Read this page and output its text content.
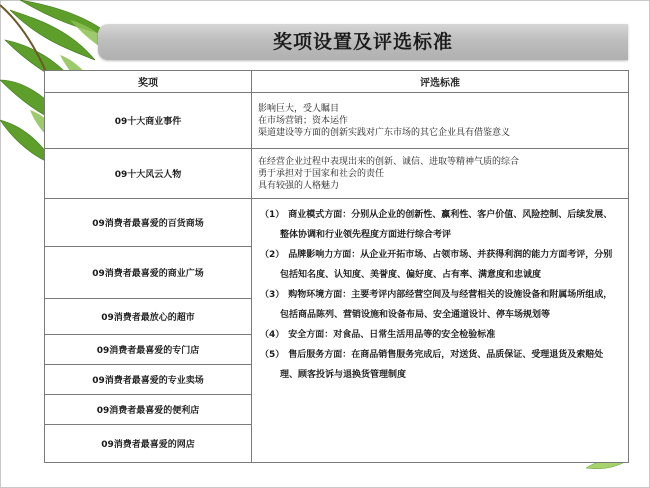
奖项设置及评选标准
奖项	评选标准
09十大商业事件	影响巨大，受人瞩目
在市场营销；资本运作
渠道建设等方面的创新实践对广东市场的其它企业具有借鉴意义

09十大风云人物	在经营企业过程中表现出来的创新、诚信、进取等精神气质的综合
勇于承担对于国家和社会的责任
具有较强的人格魅力

09消费者最喜爱的百货商场	（1） 商业模式方面：分别从企业的创新性、赢利性、客户价值、风险控制、后续发展、整体协调和行业领先程度方面进行综合考评
（2） 品牌影响力方面：从企业开拓市场、占领市场、并获得利润的能力方面考评，分别包括知名度、认知度、美誉度、偏好度、占有率、满意度和忠诚度
（3） 购物环境方面：主要考评内部经营空间及与经营相关的设施设备和附属场所组成，包括商品陈列、营销设施和设备布局、安全通道设计、停车场规划等
（4） 安全方面：对食品、日常生活用品等的安全检验标准
（5） 售后服务方面：在商品销售服务完成后，对送货、品质保证、受理退货及索赔处理、顾客投诉与退换货管理制度

09消费者最喜爱的商业广场	
09消费者最放心的超市	
09消费者最喜爱的专门店	
09消费者最喜爱的专业卖场	
09消费者最喜爱的便利店	
09消费者最喜爱的网店	
